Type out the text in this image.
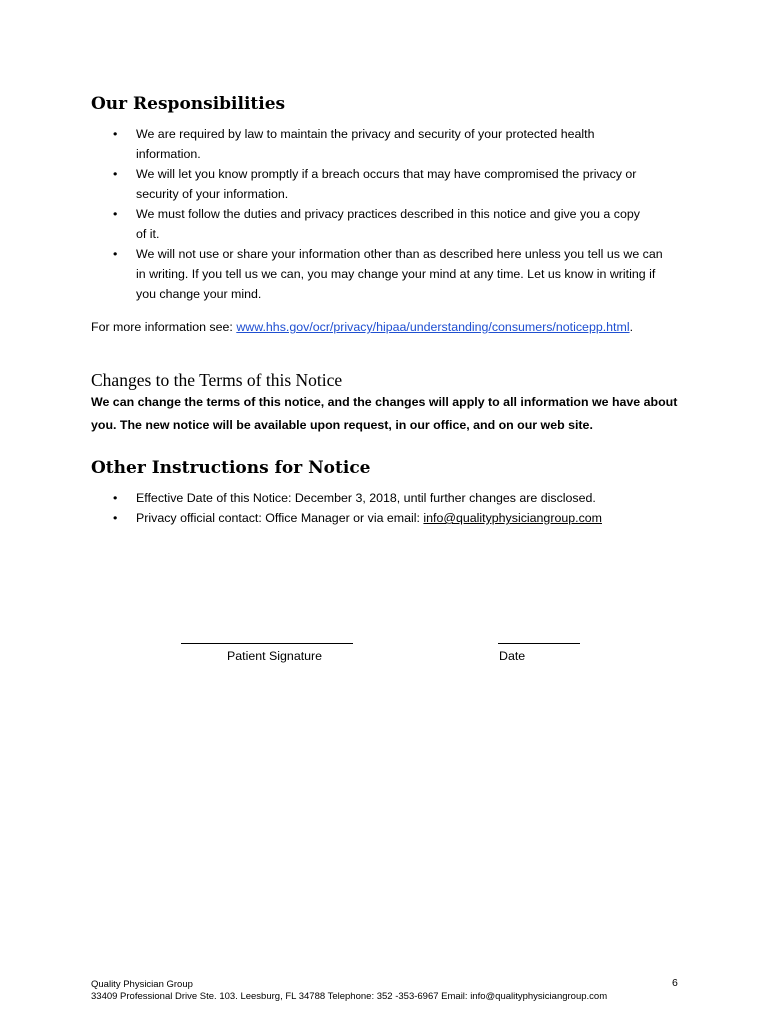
Our Responsibilities
• We are required by law to maintain the privacy and security of your protected health
information.
• We will let you know promptly if a breach occurs that may have compromised the privacy or
security of your information.
• We must follow the duties and privacy practices described in this notice and give you a copy
of it.
• We will not use or share your information other than as described here unless you tell us we can
in writing. If you tell us we can, you may change your mind at any time. Let us know in writing if
you change your mind.

For more information see: www.hhs.gov/ocr/privacy/hipaa/understanding/consumers/noticepp.html.

Changes to the Terms of this Notice

We can change the terms of this notice, and the changes will apply to all information we have about you. The new notice will be available upon request, in our office, and on our web site.

Other Instructions for Notice
• Effective Date of this Notice: December 3, 2018, until further changes are disclosed.
• Privacy official contact: Office Manager or via email: info@qualityphysiciangroup.com
Patient Signature	Date
Quality Physician Group
33409 Professional Drive Ste. 103. Leesburg, FL 34788 Telephone: 352 -353-6967 Email: info@qualityphysiciangroup.com
6
